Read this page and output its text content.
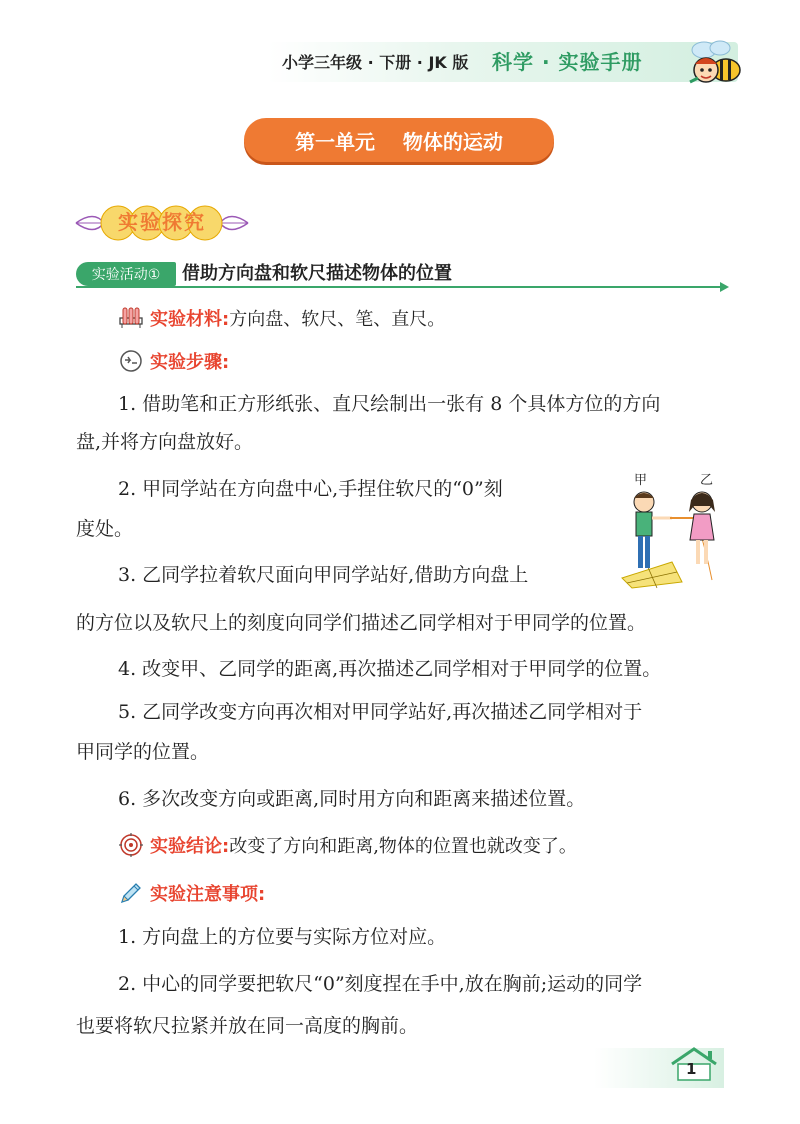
小学三年级 · 下册 · JK 版 科学 · 实验手册
第一单元    物体的运动
实验探究
实验活动①	借助方向盘和软尺描述物体的位置
实验材料:方向盘、软尺、笔、直尺。
实验步骤:
1. 借助笔和正方形纸张、直尺绘制出一张有 8 个具体方位的方向
盘,并将方向盘放好。
2. 甲同学站在方向盘中心,手捏住软尺的“0”刻
度处。
3. 乙同学拉着软尺面向甲同学站好,借助方向盘上
的方位以及软尺上的刻度向同学们描述乙同学相对于甲同学的位置。
4. 改变甲、乙同学的距离,再次描述乙同学相对于甲同学的位置。
5. 乙同学改变方向再次相对甲同学站好,再次描述乙同学相对于
甲同学的位置。
6. 多次改变方向或距离,同时用方向和距离来描述位置。
甲	乙
实验结论:改变了方向和距离,物体的位置也就改变了。
实验注意事项:
1. 方向盘上的方位要与实际方位对应。
2. 中心的同学要把软尺“0”刻度捏在手中,放在胸前;运动的同学
也要将软尺拉紧并放在同一高度的胸前。
1
